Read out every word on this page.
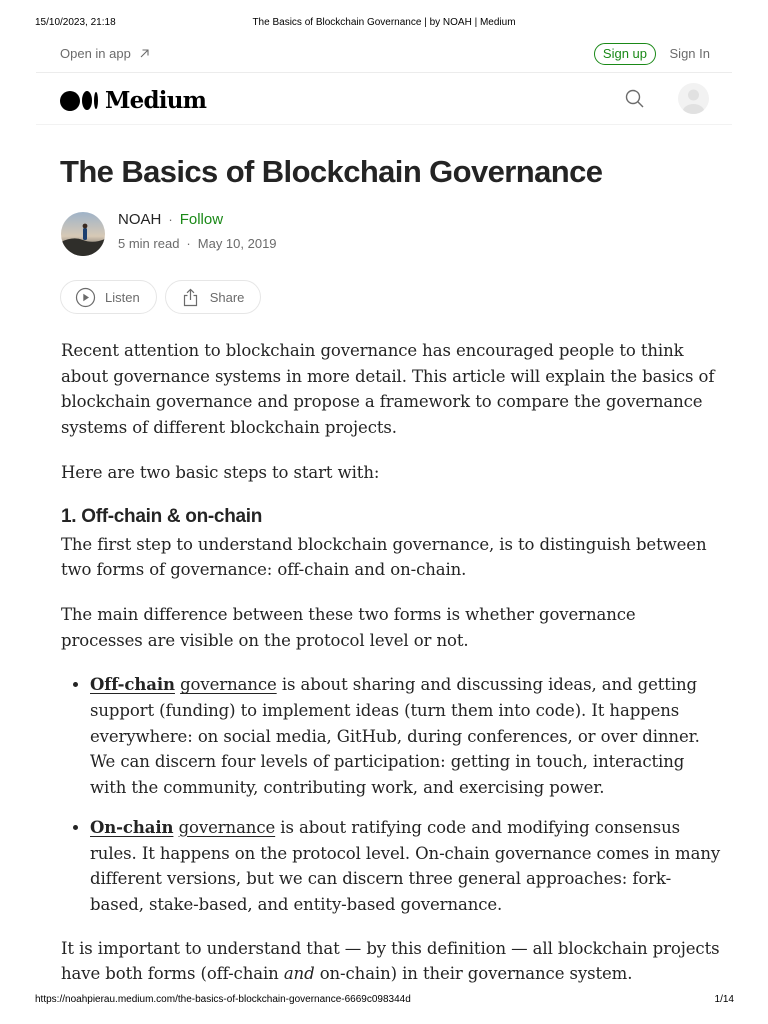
15/10/2023, 21:18	The Basics of Blockchain Governance | by NOAH | Medium
Open in app	Sign up	Sign In
Medium
The Basics of Blockchain Governance
NOAH · Follow
5 min read · May 10, 2019
Listen	Share

Recent attention to blockchain governance has encouraged people to think about governance systems in more detail. This article will explain the basics of blockchain governance and propose a framework to compare the governance systems of different blockchain projects.

Here are two basic steps to start with:

1. Off-chain & on-chain

The first step to understand blockchain governance, is to distinguish between two forms of governance: off-chain and on-chain.

The main difference between these two forms is whether governance processes are visible on the protocol level or not.

• Off-chain governance is about sharing and discussing ideas, and getting support (funding) to implement ideas (turn them into code). It happens everywhere: on social media, GitHub, during conferences, or over dinner. We can discern four levels of participation: getting in touch, interacting with the community, contributing work, and exercising power.
• On-chain governance is about ratifying code and modifying consensus rules. It happens on the protocol level. On-chain governance comes in many different versions, but we can discern three general approaches: fork-based, stake-based, and entity-based governance.

It is important to understand that — by this definition — all blockchain projects have both forms (off-chain and on-chain) in their governance system.

https://noahpierau.medium.com/the-basics-of-blockchain-governance-6669c098344d	1/14
